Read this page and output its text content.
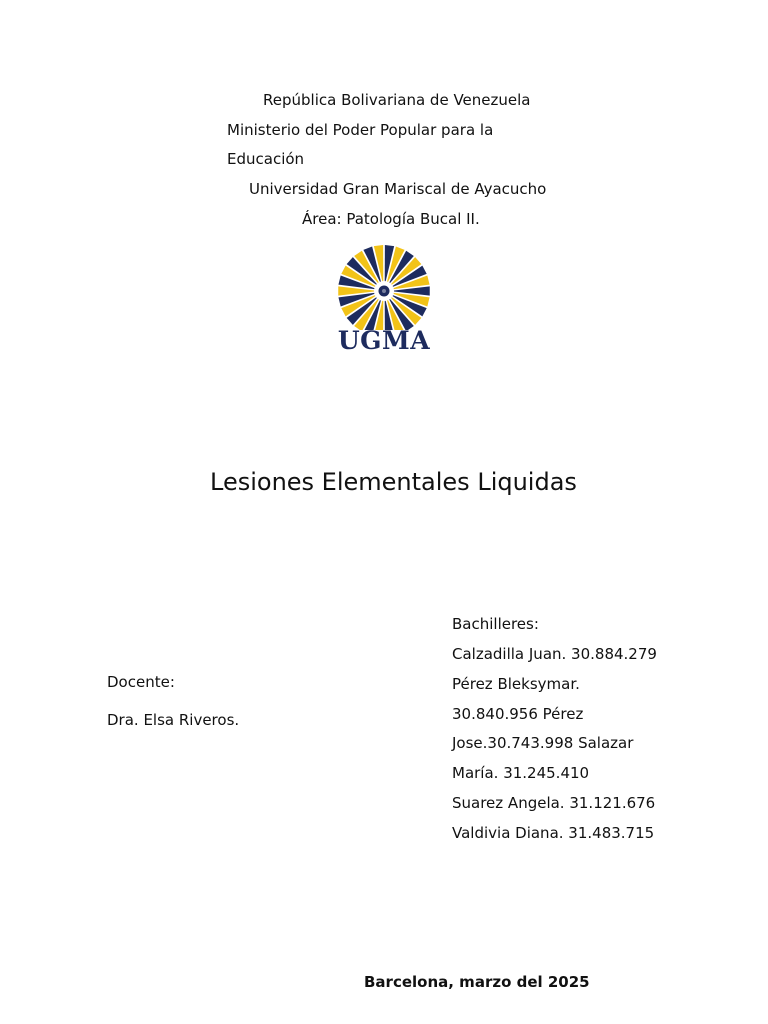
República Bolivariana de Venezuela
Ministerio del Poder Popular para la
Educación
Universidad Gran Mariscal de Ayacucho
Área: Patología Bucal II.
UGMA
Lesiones Elementales Liquidas
Docente:
Dra. Elsa Riveros.
Bachilleres:
Calzadilla Juan. 30.884.279
Pérez Bleksymar.
30.840.956 Pérez
Jose.30.743.998 Salazar
María. 31.245.410
Suarez Angela. 31.121.676
Valdivia Diana. 31.483.715
Barcelona, marzo del 2025
